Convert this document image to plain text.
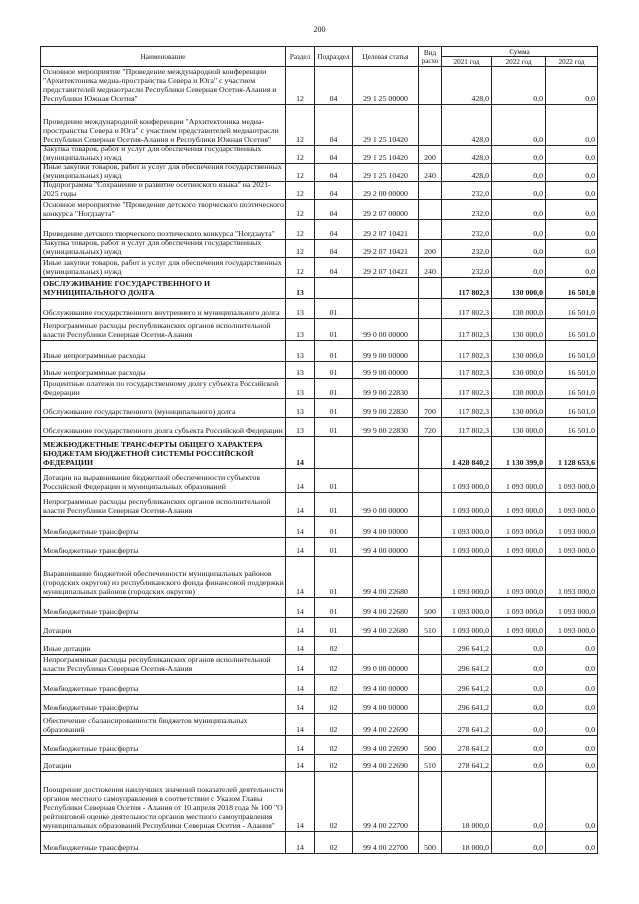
200
Наименование	Раздел	Подраздел	Целевая статья	Вид
расхо
Сумма
2021 год	2022 год	2022 год
Основное мероприятие "Проведение международной конференции "Архитектоника медиа-пространства Севера и Юга" с участием представителей медиаотрасли Республики Северная Осетия-Алания и Республики Южная Осетия"	12	04	29 1 25 00000	428,0	0,0	0,0
Проведение международной конференции "Архитектоника медиа-пространства Севера и Юга" с участием представителей медиаотрасли Республики Северная Осетия-Алания и Республики Южная Осетия"	12	04	29 1 25 10420	428,0	0,0	0,0
Закупка товаров, работ и услуг для обеспечения государственных (муниципальных) нужд	12	04	29 1 25 10420	200	428,0	0,0	0,0
Иные закупки товаров, работ и услуг для обеспечения государственных (муниципальных) нужд	12	04	29 1 25 10420	240	428,0	0,0	0,0
Подпрограмма "Сохранение и развитие осетинского языка" на 2021-2025 годы	12	04	29 2 00 00000	232,0	0,0	0,0
Основное мероприятие "Проведение детского творческого поэтического конкурса "Ногдзаута"	12	04	29 2 07 00000	232,0	0,0	0,0
Проведение детского творческого поэтического конкурса "Ногдзаута"	12	04	29 2 07 10421	232,0	0,0	0,0
Закупка товаров, работ и услуг для обеспечения государственных (муниципальных) нужд	12	04	29 2 07 10421	200	232,0	0,0	0,0
Иные закупки товаров, работ и услуг для обеспечения государственных (муниципальных) нужд	12	04	29 2 07 10421	240	232,0	0,0	0,0
ОБСЛУЖИВАНИЕ ГОСУДАРСТВЕННОГО И МУНИЦИПАЛЬНОГО ДОЛГА	13	117 802,3	130 000,0	16 501,0
Обслуживание государственного внутреннего и муниципального долга	13	01	117 802,3	130 000,0	16 501,0
Непрограммные расходы республиканских органов исполнительной власти Республики Северная Осетия-Алания	13	01	99 0 00 00000	117 802,3	130 000,0	16 501,0
Иные непрограммные расходы	13	01	99 9 00 00000	117 802,3	130 000,0	16 501,0
Иные непрограммные расходы	13	01	99 9 00 00000	117 802,3	130 000,0	16 501,0
Процентные платежи по государственному долгу субъекта Российской Федерации	13	01	99 9 00 22830	117 802,3	130 000,0	16 501,0
Обслуживание государственного (муниципального) долга	13	01	99 9 00 22830	700	117 802,3	130 000,0	16 501,0
Обслуживание государственного долга субъекта Российской Федерации	13	01	99 9 00 22830	720	117 802,3	130 000,0	16 501,0
МЕЖБЮДЖЕТНЫЕ ТРАНСФЕРТЫ ОБЩЕГО ХАРАКТЕРА БЮДЖЕТАМ БЮДЖЕТНОЙ СИСТЕМЫ РОССИЙСКОЙ ФЕДЕРАЦИИ	14	1 428 840,2	1 130 399,0	1 128 653,6
Дотации на выравнивание бюджетной обеспеченности субъектов Российской Федерации и муниципальных образований	14	01	1 093 000,0	1 093 000,0	1 093 000,0
Непрограммные расходы республиканских органов исполнительной власти Республики Северная Осетия-Алания	14	01	99 0 00 00000	1 093 000,0	1 093 000,0	1 093 000,0
Межбюджетные трансферты	14	01	99 4 00 00000	1 093 000,0	1 093 000,0	1 093 000,0
Межбюджетные трансферты	14	01	99 4 00 00000	1 093 000,0	1 093 000,0	1 093 000,0
Выравнивание бюджетной обеспеченности муниципальных районов (городских округов) из республиканского фонда финансовой поддержки муниципальных районов (городских округов)	14	01	99 4 00 22680	1 093 000,0	1 093 000,0	1 093 000,0
Межбюджетные трансферты	14	01	99 4 00 22680	500	1 093 000,0	1 093 000,0	1 093 000,0
Дотации	14	01	99 4 00 22680	510	1 093 000,0	1 093 000,0	1 093 000,0
Иные дотации	14	02	296 641,2	0,0	0,0
Непрограммные расходы республиканских органов исполнительной власти Республики Северная Осетия-Алания	14	02	99 0 00 00000	296 641,2	0,0	0,0
Межбюджетные трансферты	14	02	99 4 00 00000	296 641,2	0,0	0,0
Межбюджетные трансферты	14	02	99 4 00 00000	296 641,2	0,0	0,0
Обеспечение сбалансированности бюджетов муниципальных образований	14	02	99 4 00 22690	278 641,2	0,0	0,0
Межбюджетные трансферты	14	02	99 4 00 22690	500	278 641,2	0,0	0,0
Дотации	14	02	99 4 00 22690	510	278 641,2	0,0	0,0
Поощрение достижения наилучших значений показателей деятельности органов местного самоуправления в соответствии с Указом Главы Республики Северная Осетия - Алания от 10 апреля 2018 года № 100 "О рейтинговой оценке деятельности органов местного самоуправления муниципальных образований Республики Северная Осетия - Алания"	14	02	99 4 00 22700	18 000,0	0,0	0,0
Межбюджетные трансферты	14	02	99 4 00 22700	500	18 000,0	0,0	0,0
